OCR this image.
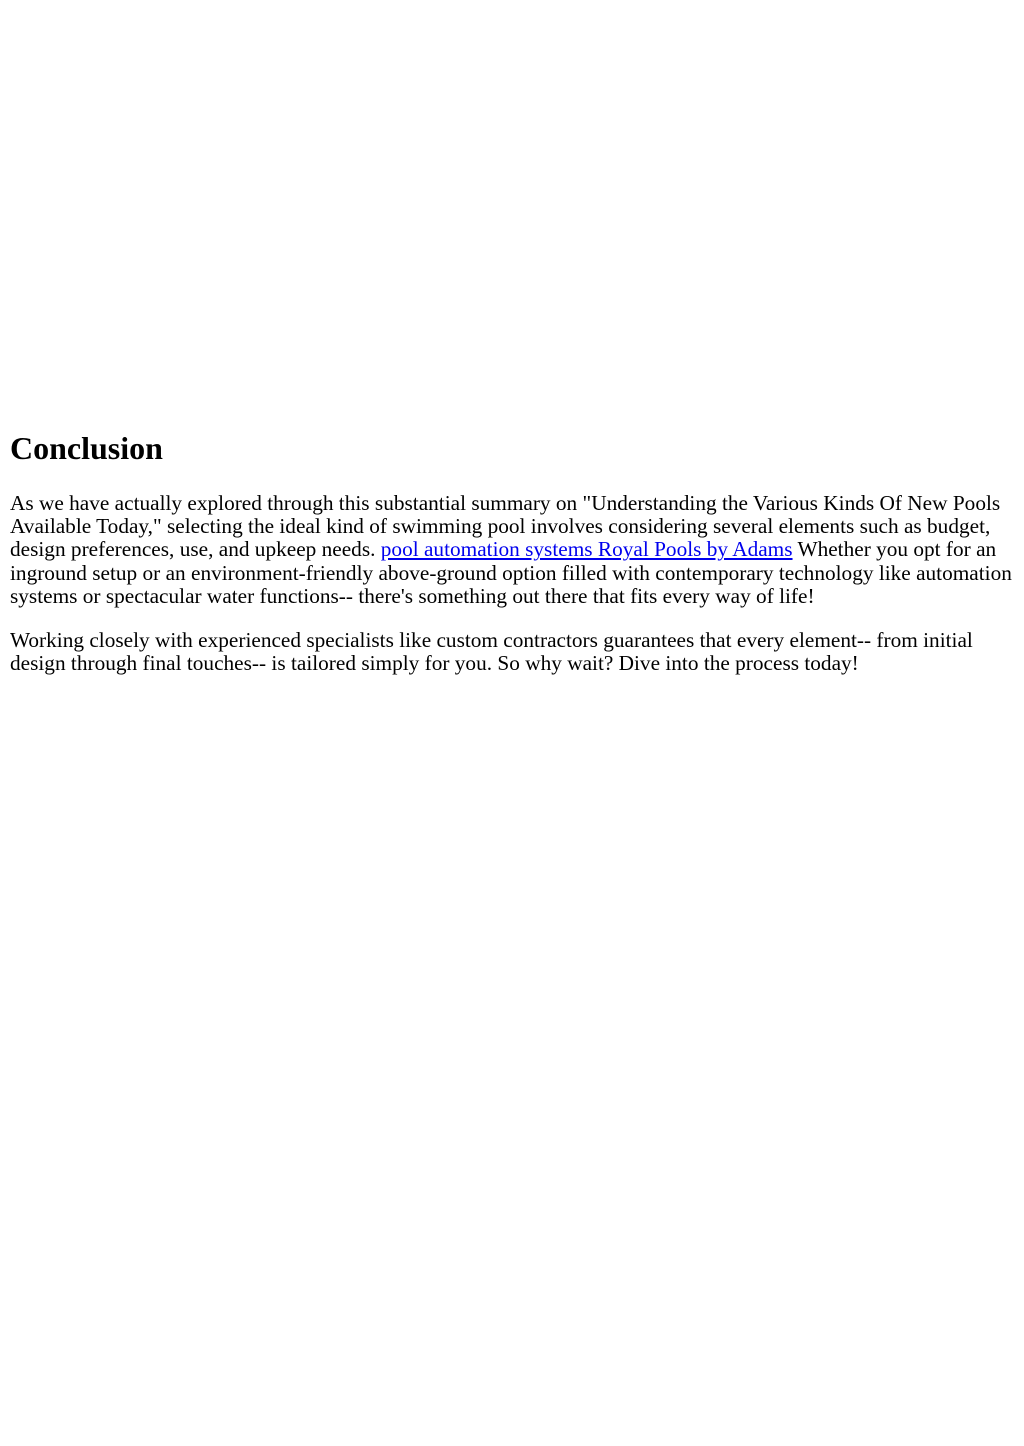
Conclusion

As we have actually explored through this substantial summary on "Understanding the Various Kinds Of New Pools Available Today," selecting the ideal kind of swimming pool involves considering several elements such as budget, design preferences, use, and upkeep needs. pool automation systems Royal Pools by Adams Whether you opt for an inground setup or an environment-friendly above-ground option filled with contemporary technology like automation systems or spectacular water functions-- there's something out there that fits every way of life!

Working closely with experienced specialists like custom contractors guarantees that every element-- from initial design through final touches-- is tailored simply for you. So why wait? Dive into the process today!
